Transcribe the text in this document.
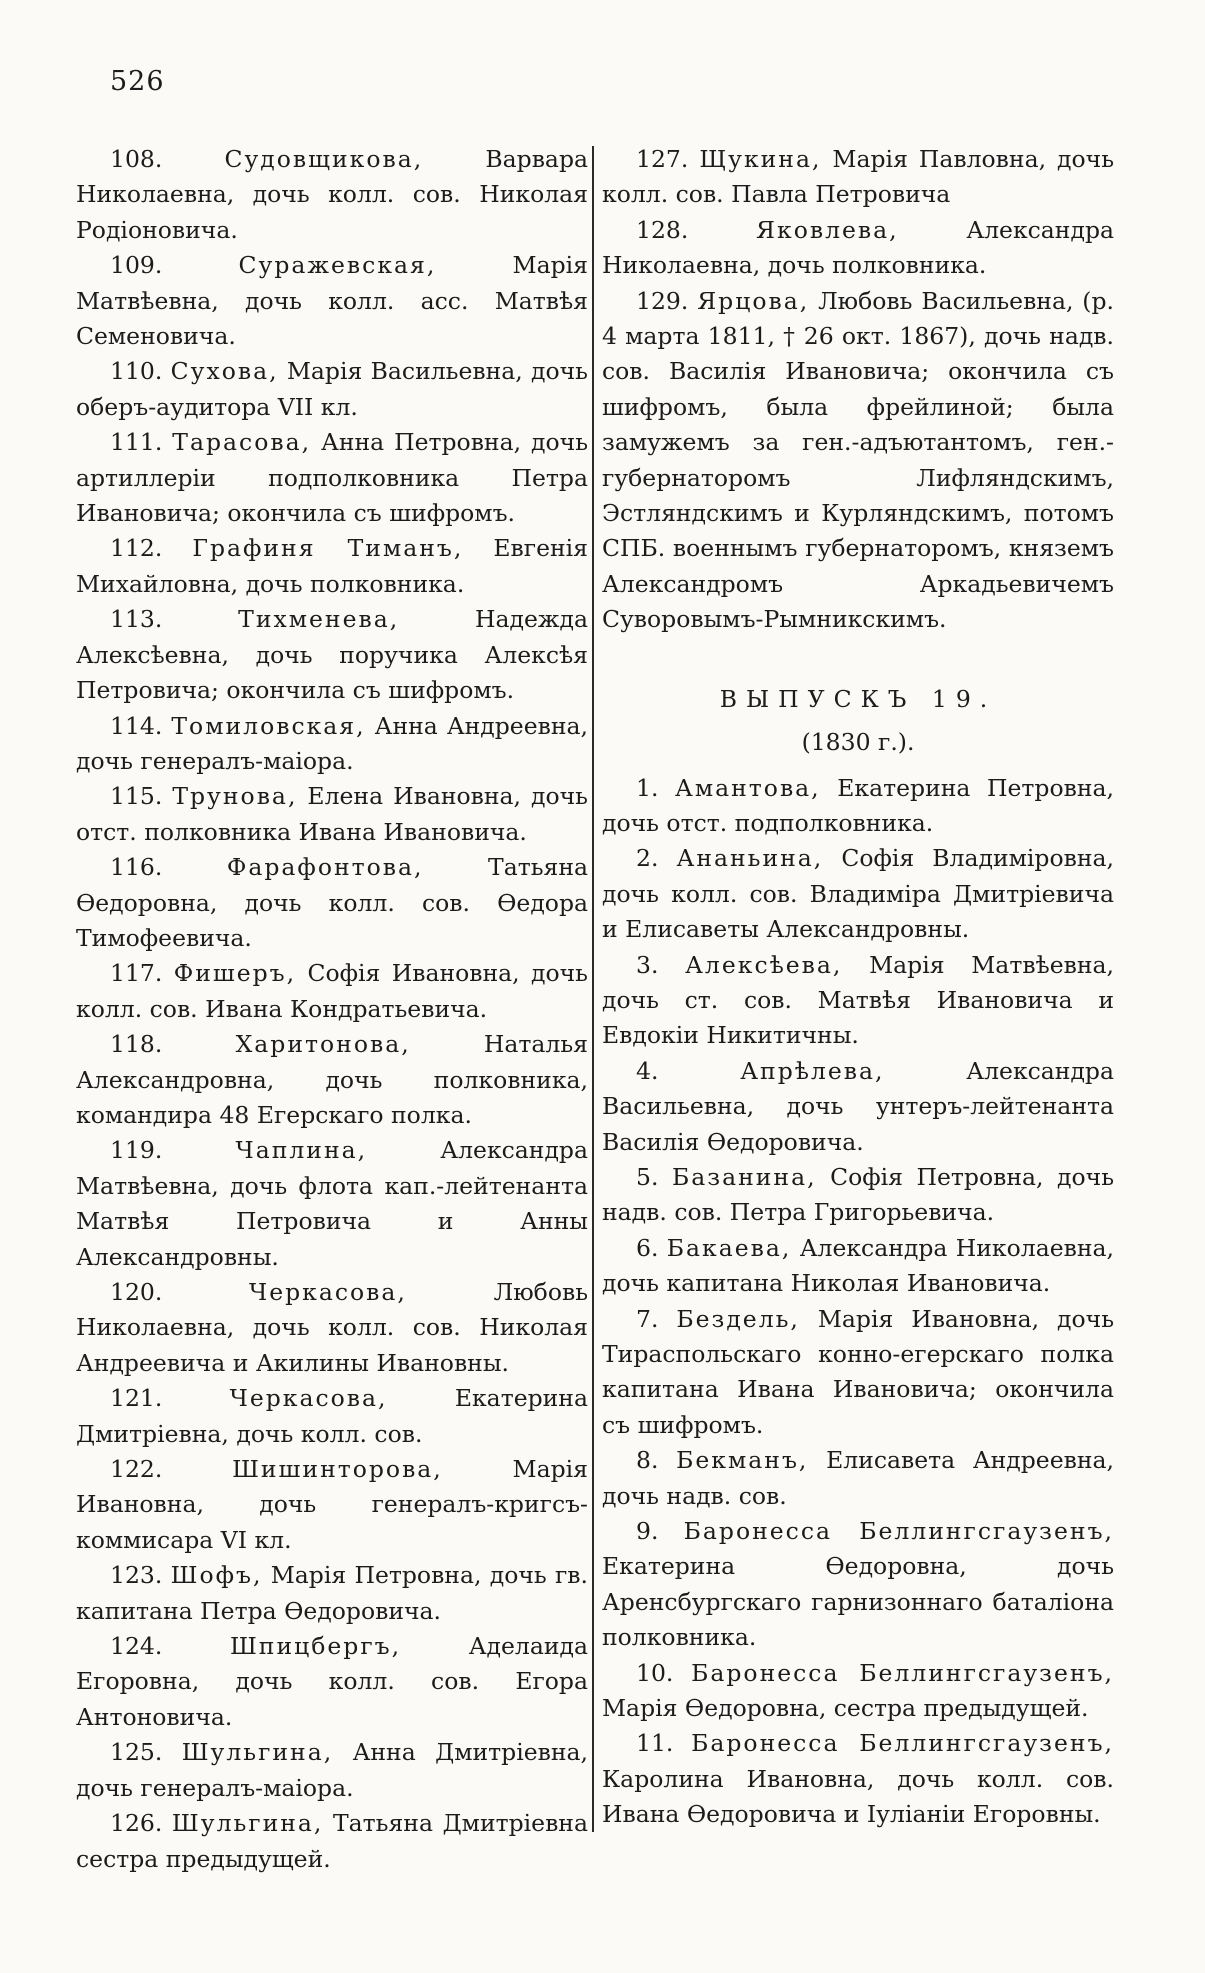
526

108.	Судовщикова, Варвара Николаевна, дочь колл. сов. Николая Родіоновича.

109.	Суражевская, Марія Матвѣевна, дочь колл. асс. Матвѣя Семеновича.

110. Сухова, Марія Васильевна, дочь оберъ-аудитора VII кл.

111. Тарасова, Анна Петровна, дочь артиллеріи подполковника Петра Ивановича; окончила съ шифромъ.

112. Графиня Тиманъ, Евгенія Михайловна, дочь полковника.

113.	Тихменева, Надежда Алексѣевна, дочь поручика Алексѣя Петровича; окончила съ шифромъ.

114. Томиловская, Анна Андреевна, дочь генералъ-маіора.

115. Трунова, Елена Ивановна, дочь отст. полковника Ивана Ивановича.

116.	Фарафонтова, Татьяна Ѳедоровна, дочь колл. сов. Ѳедора Тимофеевича.

117. Фишеръ, Софія Ивановна, дочь колл. сов. Ивана Кондратьевича.

118.	Харитонова, Наталья Александровна, дочь полковника, командира 48 Егерскаго полка.

119.	Чаплина, Александра Матвѣевна, дочь флота кап.-лейтенанта Матвѣя Петровича и Анны Александровны.

120.	Черкасова, Любовь Николаевна, дочь колл. сов. Николая Андреевича и Акилины Ивановны.

121.	Черкасова, Екатерина Дмитріевна, дочь колл. сов.

122.	Шишинторова, Марія Ивановна, дочь генералъ-кригсъ-коммисара VI кл.

123. Шофъ, Марія Петровна, дочь гв. капитана Петра Ѳедоровича.

124.	Шпицбергъ, Аделаида Егоровна, дочь колл. сов. Егора Антоновича.

125. Шульгина, Анна Дмитріевна, дочь генералъ-маіора.

126. Шульгина, Татьяна Дмитріевна сестра предыдущей.

127. Щукина, Марія Павловна, дочь колл. сов. Павла Петровича

128.	Яковлева, Александра Николаевна, дочь полковника.

129. Ярцова, Любовь Васильевна, (р. 4 марта 1811, † 26 окт. 1867), дочь надв. сов. Василія Ивановича; окончила съ шифромъ, была фрейлиной; была замужемъ за ген.-адъютантомъ, ген.-губернаторомъ Лифляндскимъ, Эстляндскимъ и Курляндскимъ, потомъ СПБ. военнымъ губернаторомъ, княземъ Александромъ Аркадьевичемъ Суворовымъ-Рымникскимъ.

ВЫПУСКЪ 19.

(1830 г.).

1. Амантова, Екатерина Петровна, дочь отст. подполковника.

2. Ананьина, Софія Владиміровна, дочь колл. сов. Владиміра Дмитріевича и Елисаветы Александровны.

3. Алексѣева, Марія Матвѣевна, дочь ст. сов. Матвѣя Ивановича и Евдокіи Никитичны.

4.	Апрѣлева, Александра Васильевна, дочь унтеръ-лейтенанта Василія Ѳедоровича.

5. Базанина, Софія Петровна, дочь надв. сов. Петра Григорьевича.

6. Бакаева, Александра Николаевна, дочь капитана Николая Ивановича.

7. Бездель, Марія Ивановна, дочь Тираспольскаго конно-егерскаго полка капитана Ивана Ивановича; окончила съ шифромъ.

8. Бекманъ, Елисавета Андреевна, дочь надв. сов.

9. Баронесса Беллингсгаузенъ, Екатерина Ѳедоровна, дочь Аренсбургскаго гарнизоннаго баталіона полковника.

10. Баронесса Беллингсгаузенъ, Марія Ѳедоровна, сестра предыдущей.

11. Баронесса Беллингсгаузенъ, Каролина Ивановна, дочь колл. сов. Ивана Ѳедоровича и Іуліаніи Егоровны.
